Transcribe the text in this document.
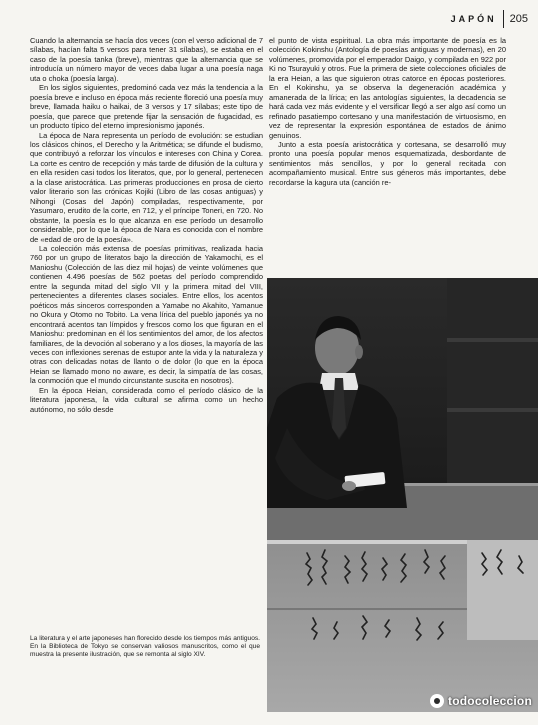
JAPÓN 205

Cuando la alternancia se hacía dos veces (con el verso adicional de 7 sílabas, hacían falta 5 versos para tener 31 sílabas), se estaba en el caso de la poesía tanka (breve), mientras que la alternancia que se introducía un número mayor de veces daba lugar a una poesía naga uta o choka (poesía larga).

En los siglos siguientes, predominó cada vez más la tendencia a la poesía breve e incluso en época más reciente floreció una poesía muy breve, llamada haiku o haikai, de 3 versos y 17 sílabas; este tipo de poesía, que parece que pretende fijar la sensación de fugacidad, es un producto típico del eterno impresionismo japonés.

La época de Nara representa un período de evolución: se estudian los clásicos chinos, el Derecho y la Aritmética; se difunde el budismo, que contribuyó a reforzar los vínculos e intereses con China y Corea. La corte es centro de recepción y más tarde de difusión de la cultura y en ella residen casi todos los literatos, que, por lo general, pertenecen a la clase aristocrática. Las primeras producciones en prosa de cierto valor literario son las crónicas Kojiki (Libro de las cosas antiguas) y Nihongi (Cosas del Japón) compiladas, respectivamente, por Yasumaro, erudito de la corte, en 712, y el príncipe Toneri, en 720. No obstante, la poesía es lo que alcanza en ese período un desarrollo considerable, por lo que la época de Nara es conocida con el nombre de «edad de oro de la poesía».

La colección más extensa de poesías primitivas, realizada hacia 760 por un grupo de literatos bajo la dirección de Yakamochi, es el Manioshu (Colección de las diez mil hojas) de veinte volúmenes que contienen 4.496 poesías de 562 poetas del período comprendido entre la segunda mitad del siglo VII y la primera mitad del VIII, pertenecientes a diferentes clases sociales. Entre ellos, los acentos poéticos más sinceros corresponden a Yamabe no Akahito, Yamanue no Okura y Otomo no Tobito. La vena lírica del pueblo japonés ya no encontrará acentos tan límpidos y frescos como los que figuran en el Manioshu: predominan en él los sentimientos del amor, de los afectos familiares, de la devoción al soberano y a los dioses, la mayoría de las veces con inflexiones serenas de estupor ante la vida y la naturaleza y otras con delicadas notas de llanto o de dolor (lo que en la época Heian se llamado mono no aware, es decir, la simpatía de las cosas, la conmoción que el mundo circunstante suscita en nosotros).

En la época Heian, considerada como el período clásico de la literatura japonesa, la vida cultural se afirma como un hecho autónomo, no sólo desde

el punto de vista espiritual. La obra más importante de poesía es la colección Kokinshu (Antología de poesías antiguas y modernas), en 20 volúmenes, promovida por el emperador Daigo, y compilada en 922 por Ki no Tsurayuki y otros. Fue la primera de siete colecciones oficiales de la era Heian, a las que siguieron otras catorce en épocas posteriores. En el Kokinshu, ya se observa la degeneración académica y amanerada de la lírica; en las antologías siguientes, la decadencia se hará cada vez más evidente y el versificar llegó a ser algo así como un refinado pasatiempo cortesano y una manifestación de virtuosismo, en vez de representar la expresión espontánea de estados de ánimo genuinos.

Junto a esta poesía aristocrática y cortesana, se desarrolló muy pronto una poesía popular menos esquematizada, desbordante de sentimientos más sencillos, y por lo general recitada con acompañamiento musical. Entre sus géneros más importantes, debe recordarse la kagura uta (canción re-

La literatura y el arte japoneses han florecido desde los tiempos más antiguos. En la Biblioteca de Tokyo se conservan valiosos manuscritos, como el que muestra la presente ilustración, que se remonta al siglo XIV.
todocoleccion
